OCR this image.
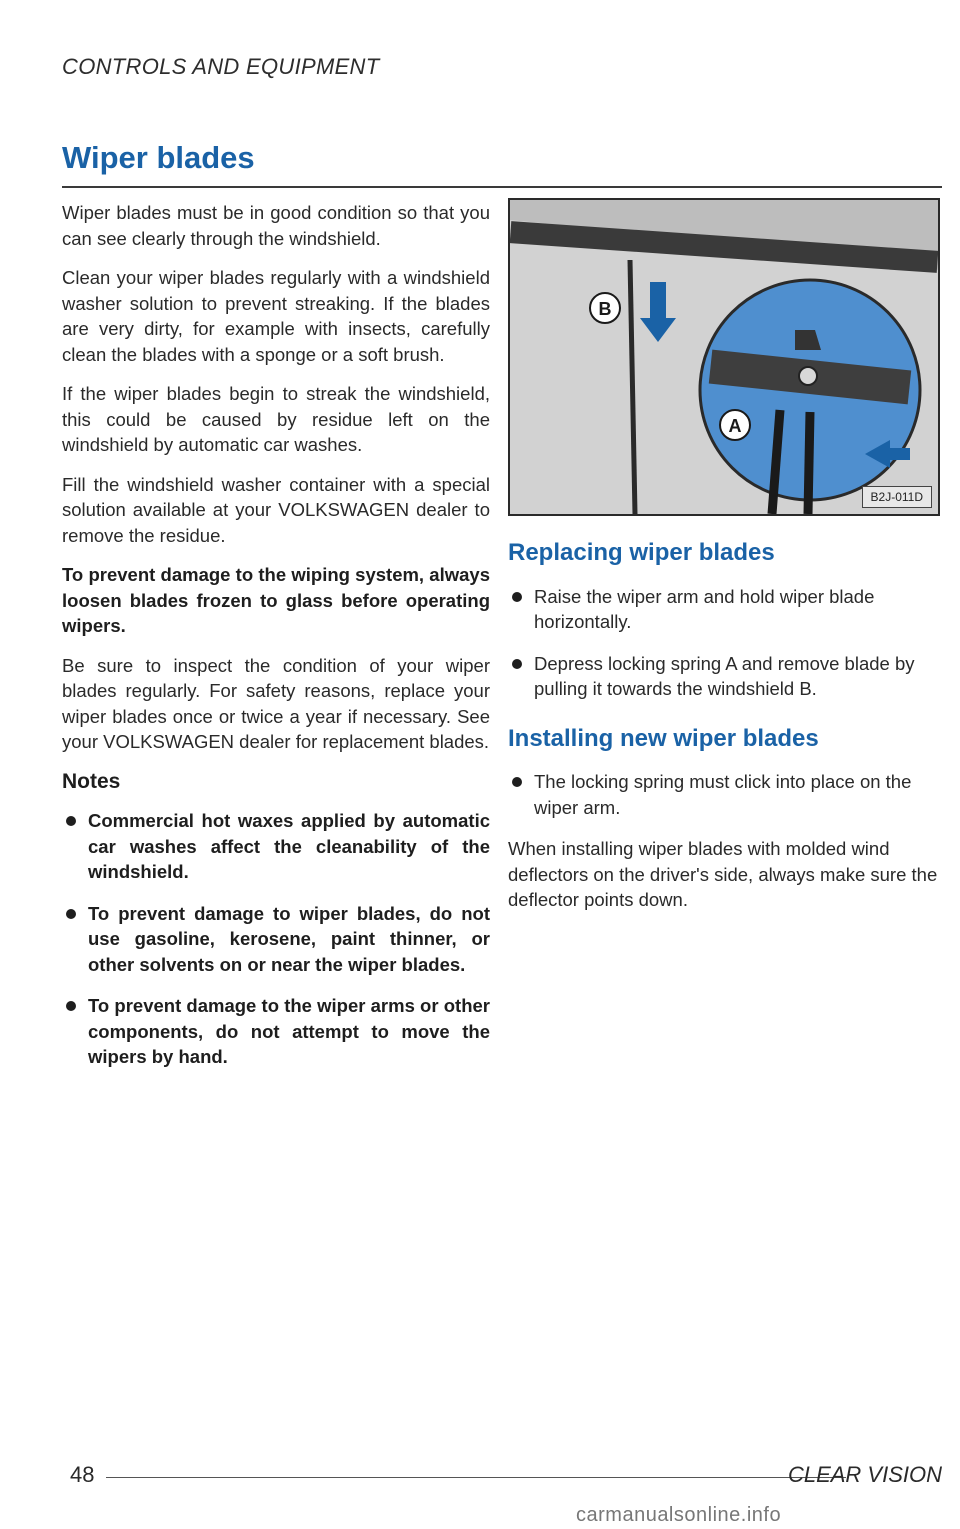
CONTROLS AND EQUIPMENT
Wiper blades

Wiper blades must be in good condition so that you can see clearly through the windshield.

Clean your wiper blades regularly with a windshield washer solution to prevent streaking. If the blades are very dirty, for example with insects, carefully clean the blades with a sponge or a soft brush.

If the wiper blades begin to streak the windshield, this could be caused by residue left on the windshield by automatic car washes.

Fill the windshield washer container with a special solution available at your VOLKSWAGEN dealer to remove the residue.

To prevent damage to the wiping system, always loosen blades frozen to glass before operating wipers.

Be sure to inspect the condition of your wiper blades regularly. For safety reasons, replace your wiper blades once or twice a year if necessary. See your VOLKSWAGEN dealer for replacement blades.

Notes
Commercial hot waxes applied by automatic car washes affect the cleanability of the windshield.
To prevent damage to wiper blades, do not use gasoline, kerosene, paint thinner, or other solvents on or near the wiper blades.
To prevent damage to the wiper arms or other components, do not attempt to move the wipers by hand.
B
A
B2J-011D
Replacing wiper blades
Raise the wiper arm and hold wiper blade horizontally.
Depress locking spring A and remove blade by pulling it towards the windshield B.
Installing new wiper blades
The locking spring must click into place on the wiper arm.

When installing wiper blades with molded wind deflectors on the driver's side, always make sure the deflector points down.

48	CLEAR VISION
carmanualsonline.info
